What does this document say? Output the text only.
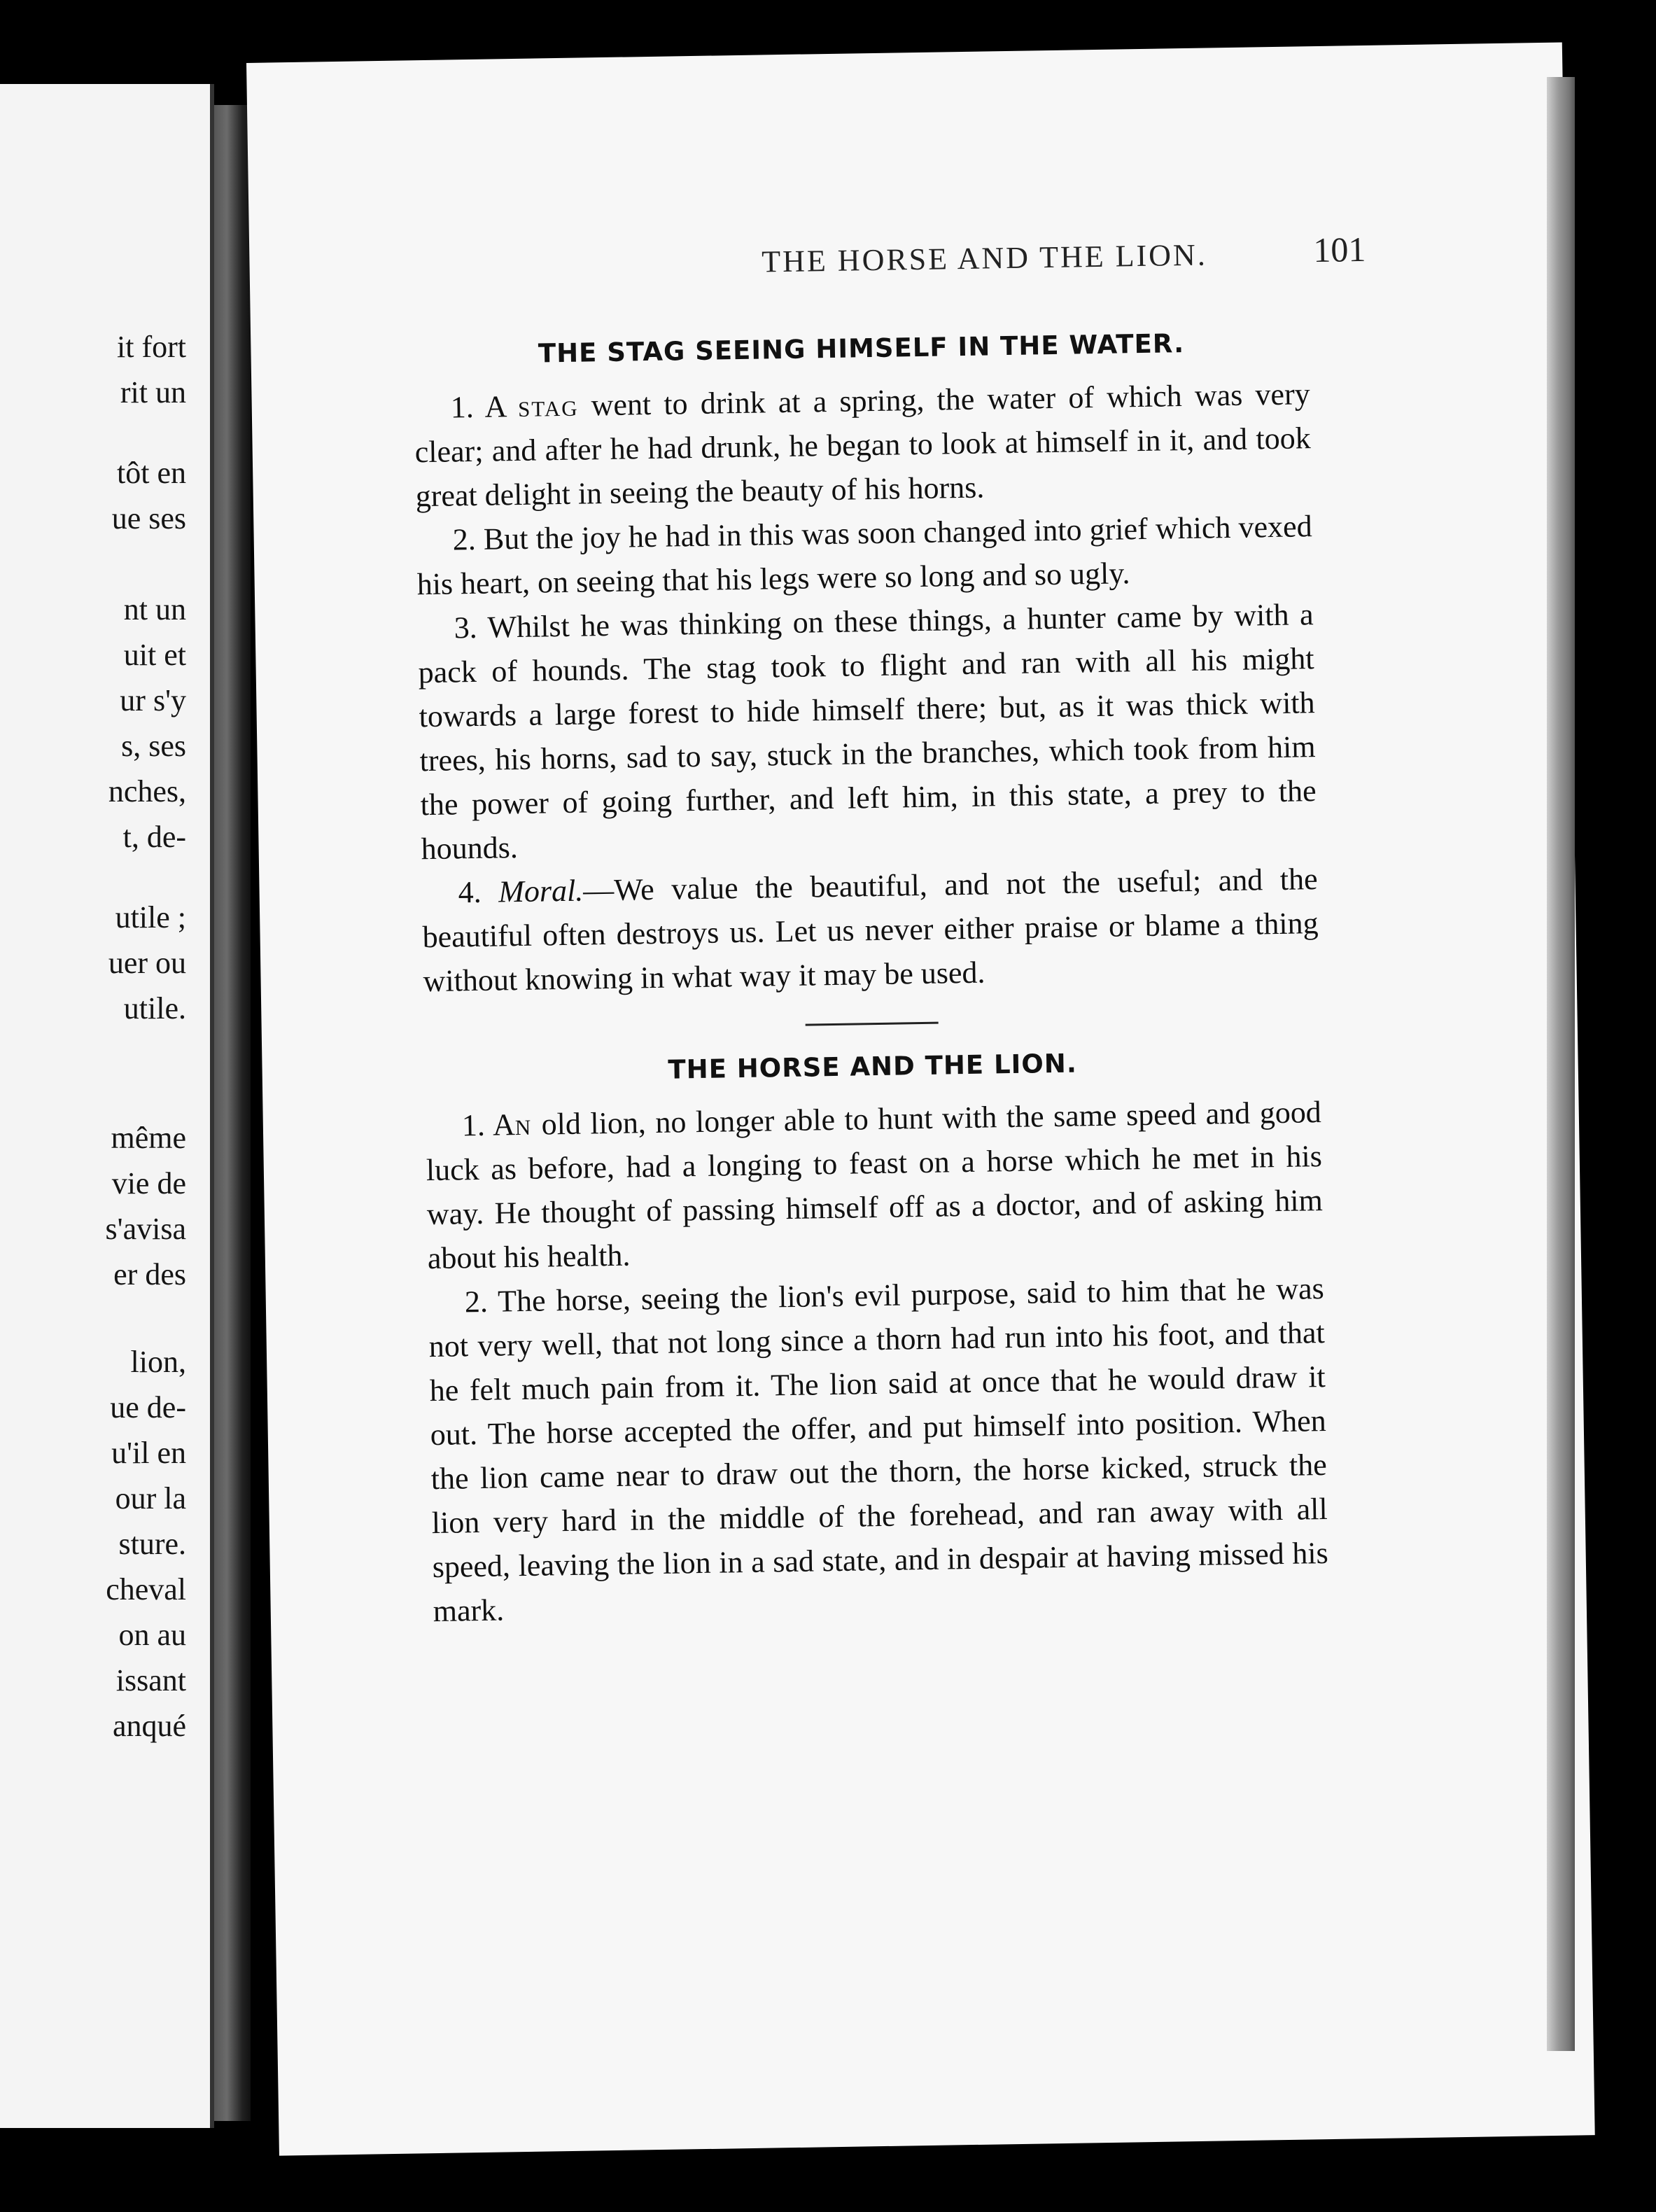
it fort
rit un
tôt en
ue ses
nt un
uit et
ur s'y
s, ses
nches,
t, de-
utile ;
uer ou
utile.
même
vie de
s'avisa
er des
lion,
ue de-
u'il en
our la
sture.
cheval
on au
issant
anqué
THE HORSE AND THE LION.	101
THE STAG SEEING HIMSELF IN THE WATER.

1. A stag went to drink at a spring, the water of which was very clear; and after he had drunk, he began to look at himself in it, and took great delight in seeing the beauty of his horns.

2. But the joy he had in this was soon changed into grief which vexed his heart, on seeing that his legs were so long and so ugly.

3. Whilst he was thinking on these things, a hunter came by with a pack of hounds. The stag took to flight and ran with all his might towards a large forest to hide himself there; but, as it was thick with trees, his horns, sad to say, stuck in the branches, which took from him the power of going further, and left him, in this state, a prey to the hounds.

4. Moral.—We value the beautiful, and not the useful; and the beautiful often destroys us. Let us never either praise or blame a thing without knowing in what way it may be used.

THE HORSE AND THE LION.

1. An old lion, no longer able to hunt with the same speed and good luck as before, had a longing to feast on a horse which he met in his way. He thought of passing himself off as a doctor, and of asking him about his health.

2. The horse, seeing the lion's evil purpose, said to him that he was not very well, that not long since a thorn had run into his foot, and that he felt much pain from it. The lion said at once that he would draw it out. The horse accepted the offer, and put himself into position. When the lion came near to draw out the thorn, the horse kicked, struck the lion very hard in the middle of the forehead, and ran away with all speed, leaving the lion in a sad state, and in despair at having missed his mark.
